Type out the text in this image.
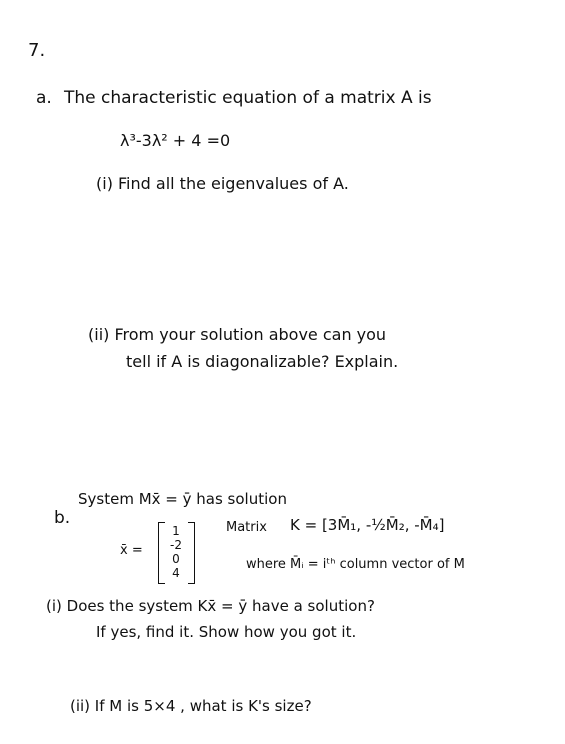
7.
a. The characteristic equation of a matrix A is
λ³-3λ² + 4 =0
(i) Find all the eigenvalues of A.
(ii) From your solution above can you
tell if A is diagonalizable? Explain.
b.
System Mx̄ = ȳ has solution
x̄ =
1
-2
0
4
Matrix K = [3M̄₁, -½M̄₂, -M̄₄]
where M̄ᵢ = iᵗʰ column vector of M
(i) Does the system Kx̄ = ȳ have a solution?
If yes, find it. Show how you got it.
(ii) If M is 5×4 , what is K's size?
